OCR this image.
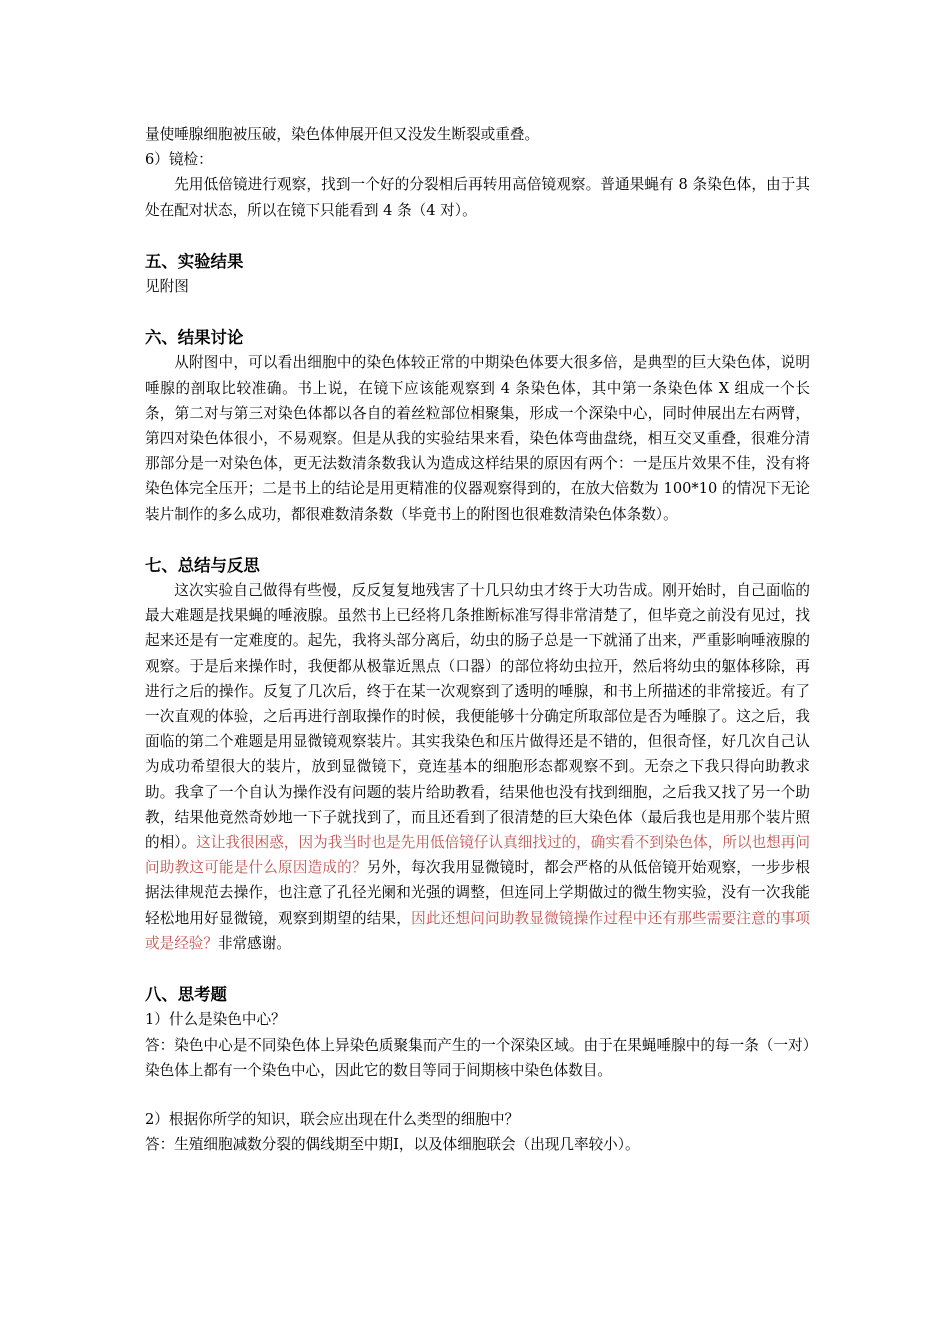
量使唾腺细胞被压破，染色体伸展开但又没发生断裂或重叠。

6）镜检：

先用低倍镜进行观察，找到一个好的分裂相后再转用高倍镜观察。普通果蝇有 8 条染色体，由于其处在配对状态，所以在镜下只能看到 4 条（4 对）。

五、实验结果

见附图

六、结果讨论

从附图中，可以看出细胞中的染色体较正常的中期染色体要大很多倍，是典型的巨大染色体，说明唾腺的剖取比较准确。书上说，在镜下应该能观察到 4 条染色体，其中第一条染色体 X 组成一个长条，第二对与第三对染色体都以各自的着丝粒部位相聚集，形成一个深染中心，同时伸展出左右两臂，第四对染色体很小，不易观察。但是从我的实验结果来看，染色体弯曲盘绕，相互交叉重叠，很难分清那部分是一对染色体，更无法数清条数我认为造成这样结果的原因有两个：一是压片效果不佳，没有将染色体完全压开；二是书上的结论是用更精准的仪器观察得到的，在放大倍数为 100*10 的情况下无论装片制作的多么成功，都很难数清条数（毕竟书上的附图也很难数清染色体条数）。

七、总结与反思

这次实验自己做得有些慢，反反复复地残害了十几只幼虫才终于大功告成。刚开始时，自己面临的最大难题是找果蝇的唾液腺。虽然书上已经将几条推断标准写得非常清楚了，但毕竟之前没有见过，找起来还是有一定难度的。起先，我将头部分离后，幼虫的肠子总是一下就涌了出来，严重影响唾液腺的观察。于是后来操作时，我便都从极靠近黑点（口器）的部位将幼虫拉开，然后将幼虫的躯体移除，再进行之后的操作。反复了几次后，终于在某一次观察到了透明的唾腺，和书上所描述的非常接近。有了一次直观的体验，之后再进行剖取操作的时候，我便能够十分确定所取部位是否为唾腺了。这之后，我面临的第二个难题是用显微镜观察装片。其实我染色和压片做得还是不错的，但很奇怪，好几次自己认为成功希望很大的装片，放到显微镜下，竟连基本的细胞形态都观察不到。无奈之下我只得向助教求助。我拿了一个自认为操作没有问题的装片给助教看，结果他也没有找到细胞，之后我又找了另一个助教，结果他竟然奇妙地一下子就找到了，而且还看到了很清楚的巨大染色体（最后我也是用那个装片照的相）。这让我很困惑，因为我当时也是先用低倍镜仔认真细找过的，确实看不到染色体，所以也想再问问助教这可能是什么原因造成的？另外，每次我用显微镜时，都会严格的从低倍镜开始观察，一步步根据法律规范去操作，也注意了孔径光阑和光强的调整，但连同上学期做过的微生物实验，没有一次我能轻松地用好显微镜，观察到期望的结果，因此还想问问助教显微镜操作过程中还有那些需要注意的事项或是经验？非常感谢。

八、思考题

1）什么是染色中心？

答：染色中心是不同染色体上异染色质聚集而产生的一个深染区域。由于在果蝇唾腺中的每一条（一对）染色体上都有一个染色中心，因此它的数目等同于间期核中染色体数目。

2）根据你所学的知识，联会应出现在什么类型的细胞中？

答：生殖细胞减数分裂的偶线期至中期Ⅰ，以及体细胞联会（出现几率较小）。
